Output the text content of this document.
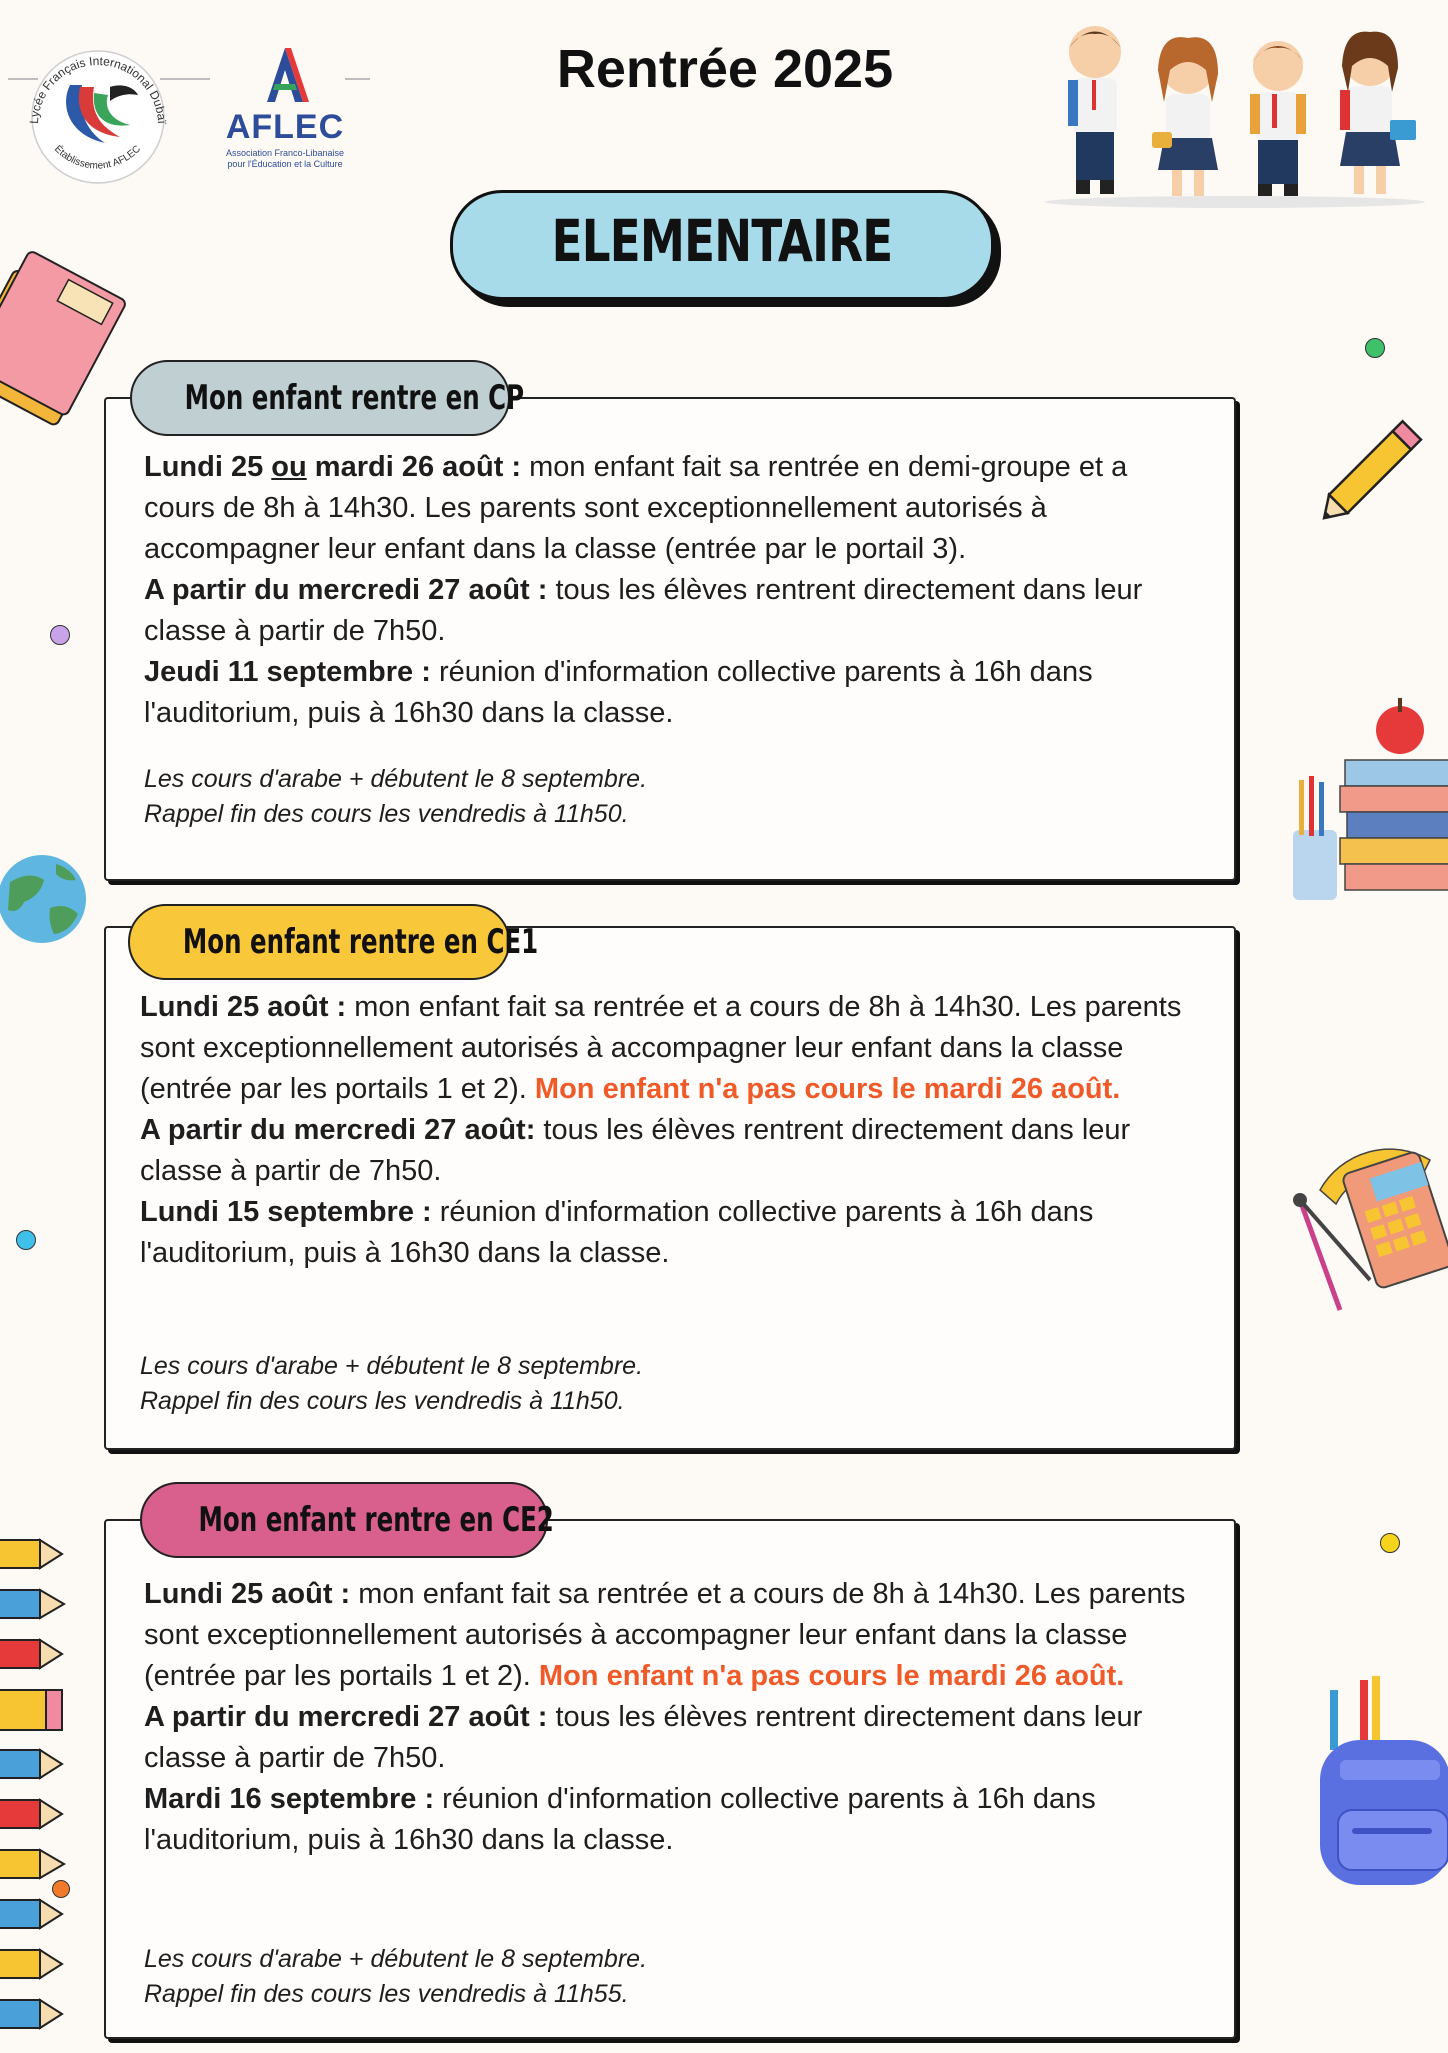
Lycée Français International Dubaï
Établissement AFLEC
AFLEC
Association Franco-Libanaise
pour l'Éducation et la Culture
Rentrée 2025
ELEMENTAIRE
Mon enfant rentre en CP

Lundi 25 ou mardi 26 août : mon enfant fait sa rentrée en demi-groupe et a cours de 8h à 14h30. Les parents sont exceptionnellement autorisés à accompagner leur enfant dans la classe (entrée par le portail 3).

A partir du mercredi 27 août : tous les élèves rentrent directement dans leur classe à partir de 7h50.

Jeudi 11 septembre : réunion d'information collective parents à 16h dans l'auditorium, puis à 16h30 dans la classe.

Les cours d'arabe + débutent le 8 septembre.
Rappel fin des cours les vendredis à 11h50.
Mon enfant rentre en CE1

Lundi 25 août : mon enfant fait sa rentrée et a cours de 8h à 14h30. Les parents sont exceptionnellement autorisés à accompagner leur enfant dans la classe (entrée par les portails 1 et 2). Mon enfant n'a pas cours le mardi 26 août.

A partir du mercredi 27 août: tous les élèves rentrent directement dans leur classe à partir de 7h50.

Lundi 15 septembre : réunion d'information collective parents à 16h dans l'auditorium, puis à 16h30 dans la classe.

Les cours d'arabe + débutent le 8 septembre.
Rappel fin des cours les vendredis à 11h50.
Mon enfant rentre en CE2

Lundi 25 août : mon enfant fait sa rentrée et a cours de 8h à 14h30. Les parents sont exceptionnellement autorisés à accompagner leur enfant dans la classe (entrée par les portails 1 et 2). Mon enfant n'a pas cours le mardi 26 août.

A partir du mercredi 27 août : tous les élèves rentrent directement dans leur classe à partir de 7h50.

Mardi 16 septembre : réunion d'information collective parents à 16h dans l'auditorium, puis à 16h30 dans la classe.

Les cours d'arabe + débutent le 8 septembre.
Rappel fin des cours les vendredis à 11h55.
